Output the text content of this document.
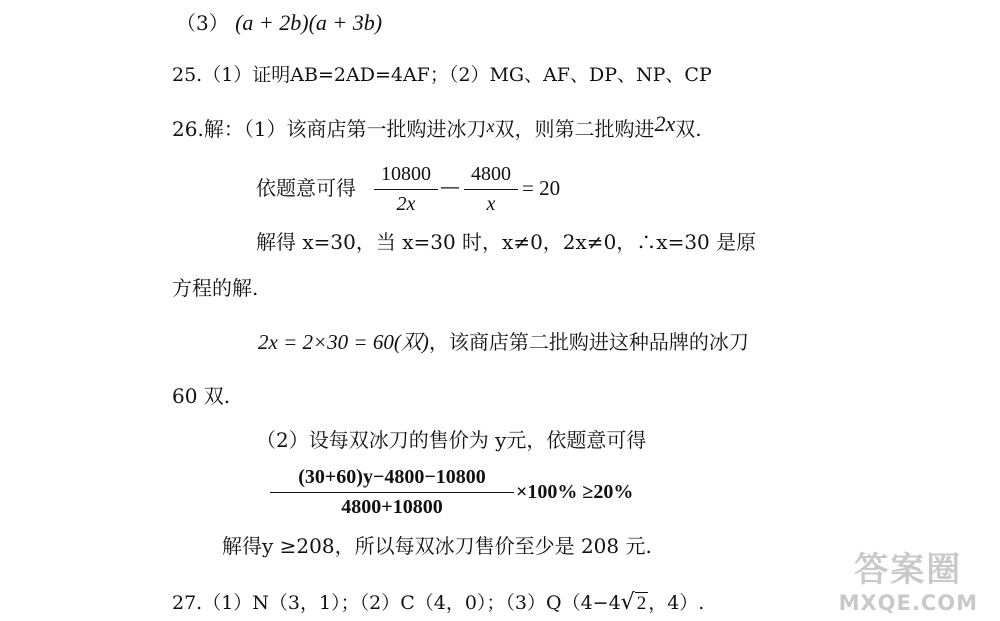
（3） (a + 2b)(a + 3b)
25.（1）证明AB=2AD=4AF；（2）MG、AF、DP、NP、CP
26.解：（1）该商店第一批购进冰刀x双，则第二批购进2x双.
依题意可得
10800
2x
— 4800
x
= 20
解得 x=30，当 x=30 时，x≠0，2x≠0，∴x=30 是原
方程的解.
2x = 2×30 = 60(双)，该商店第二批购进这种品牌的冰刀
60 双.
（2）设每双冰刀的售价为 y元，依题意可得
(30+60)y−4800−10800
4800+10800
×100% ≥20%
解得y ≥208，所以每双冰刀售价至少是 208 元.
27.（1）N（3，1）；（2）C（4，0）；（3）Q（4−4√ 2 ，4）.
答案圈
MXQE.COM
